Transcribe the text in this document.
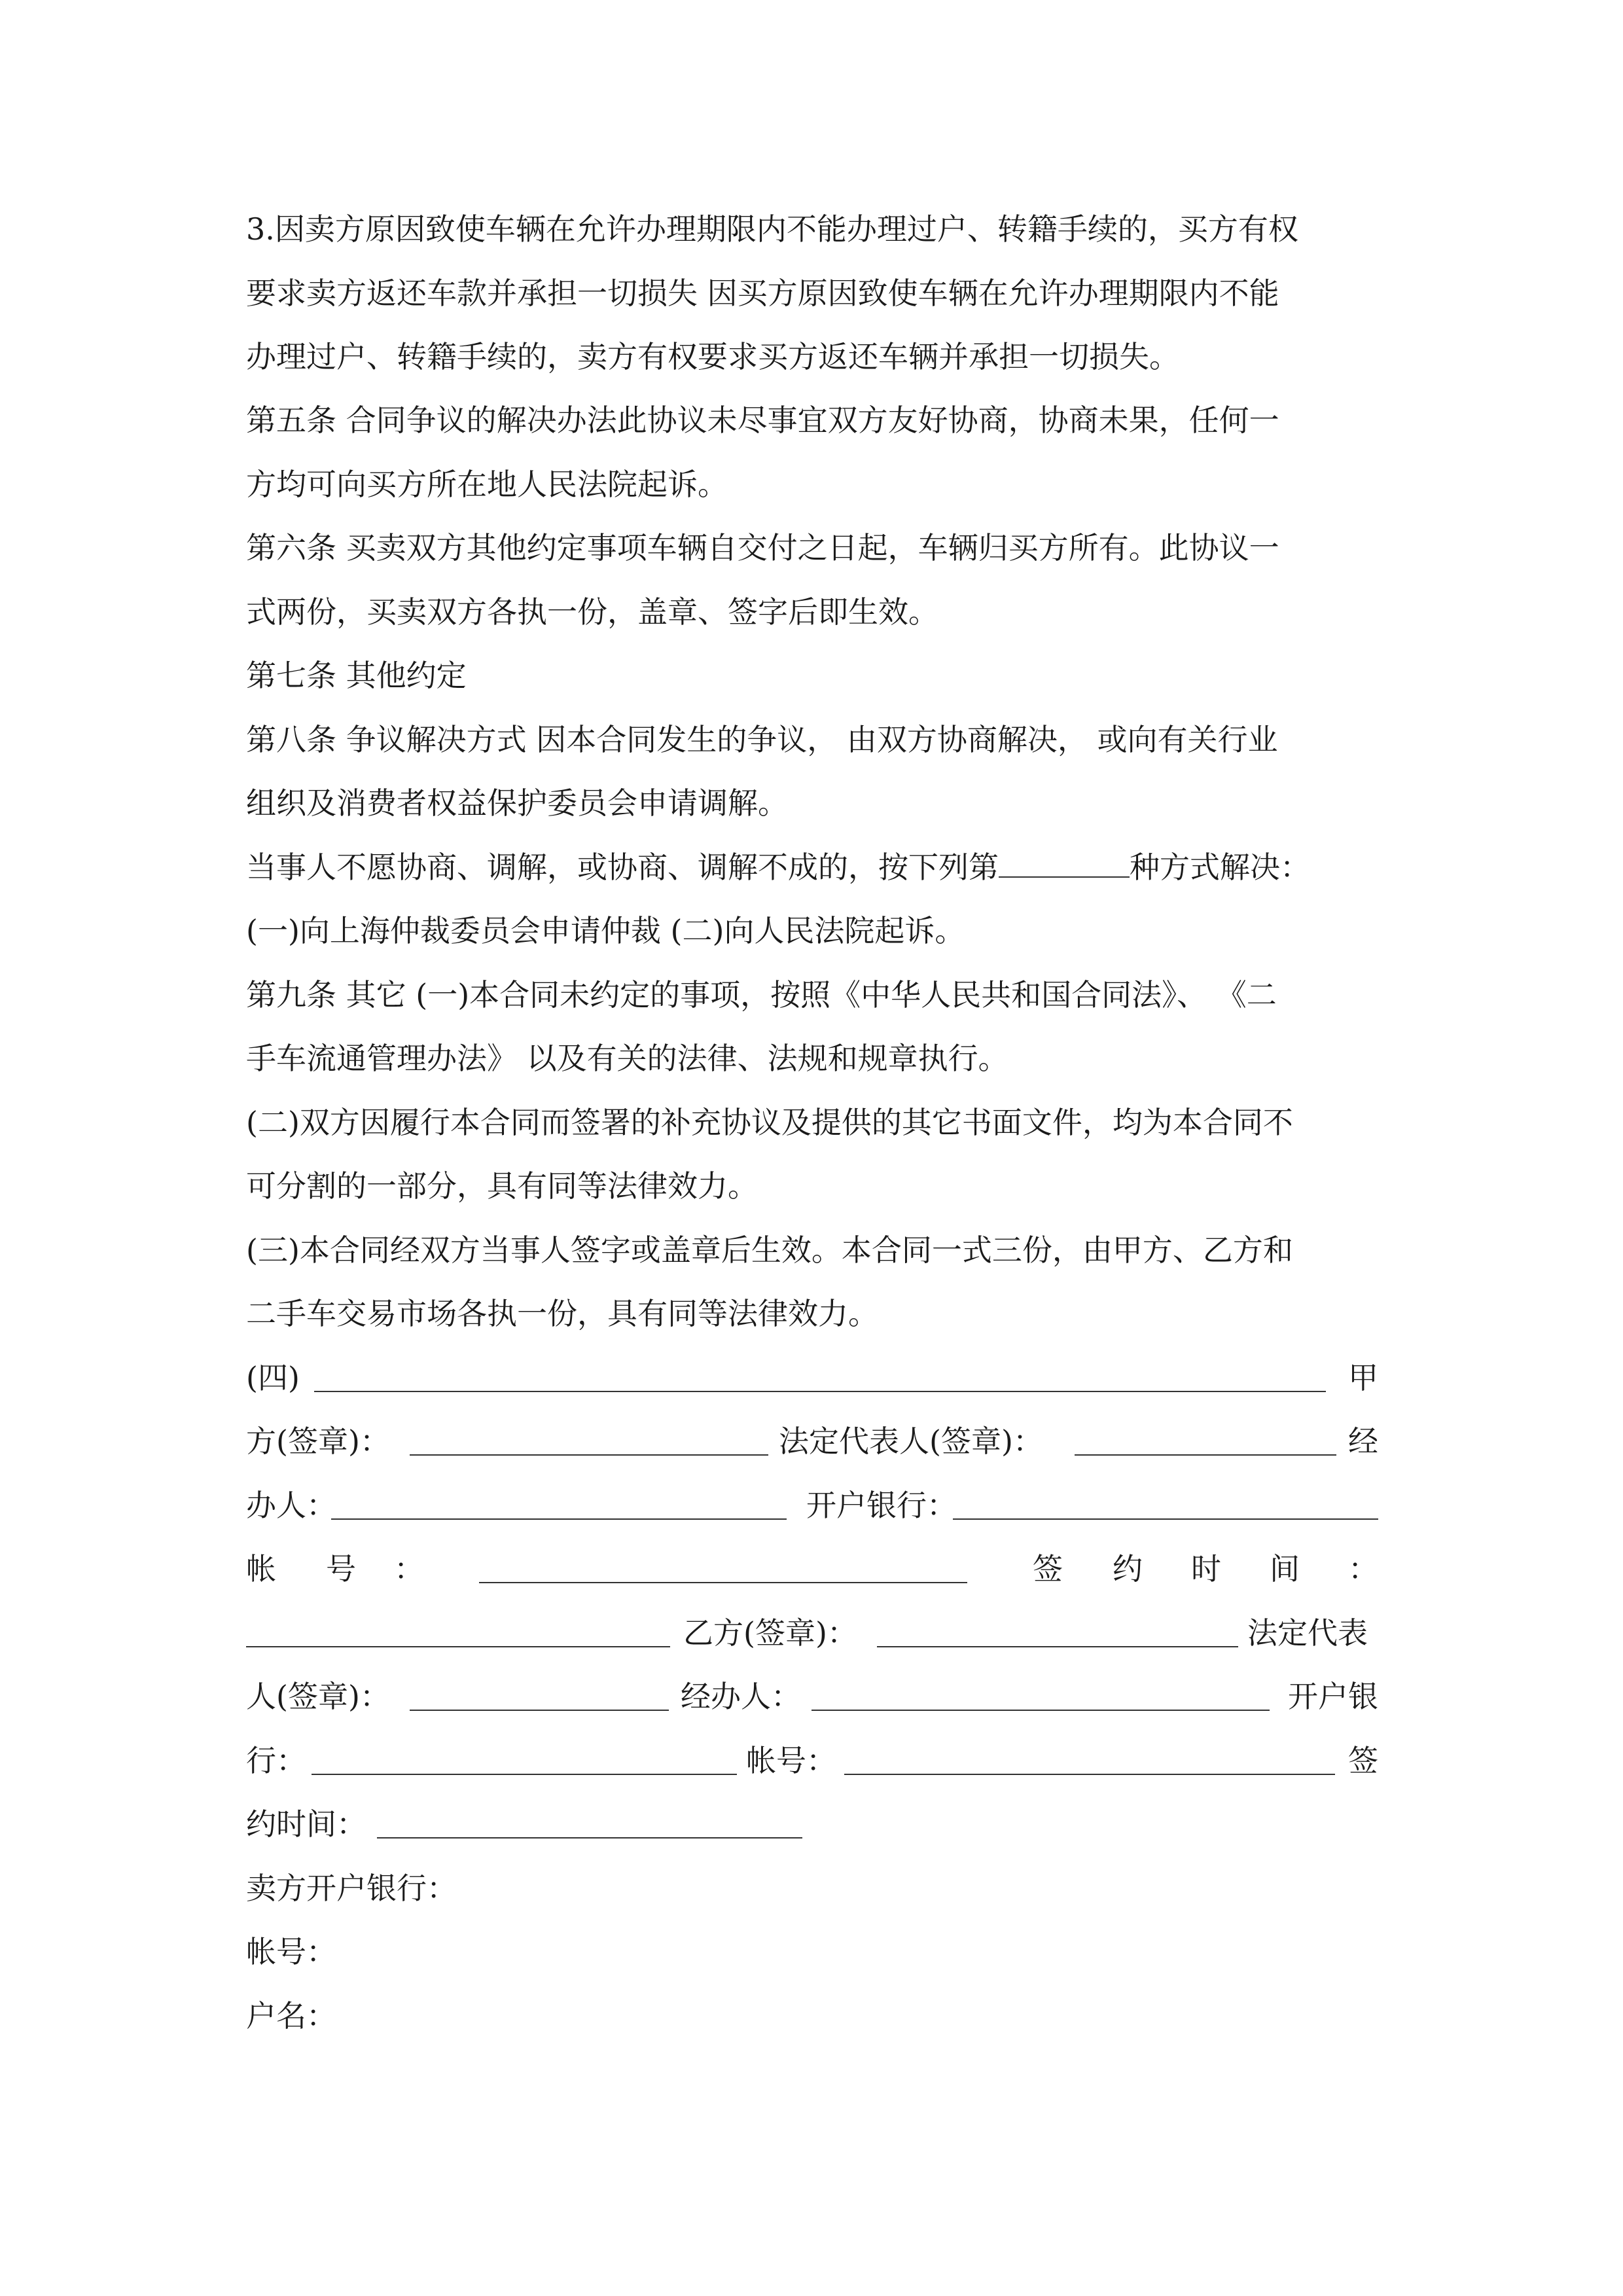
3.因卖方原因致使车辆在允许办理期限内不能办理过户、转籍手续的，买方有权
要求卖方返还车款并承担一切损失 因买方原因致使车辆在允许办理期限内不能
办理过户、转籍手续的，卖方有权要求买方返还车辆并承担一切损失。
第五条 合同争议的解决办法此协议未尽事宜双方友好协商，协商未果，任何一
方均可向买方所在地人民法院起诉。
第六条 买卖双方其他约定事项车辆自交付之日起，车辆归买方所有。此协议一
式两份，买卖双方各执一份，盖章、签字后即生效。
第七条 其他约定
第八条 争议解决方式 因本合同发生的争议， 由双方协商解决， 或向有关行业
组织及消费者权益保护委员会申请调解。
当事人不愿协商、调解，或协商、调解不成的，按下列第	种方式解决：
(一)向上海仲裁委员会申请仲裁 (二)向人民法院起诉。
第九条 其它 (一)本合同未约定的事项，按照《中华人民共和国合同法》、 《二
手车流通管理办法》 以及有关的法律、法规和规章执行。
(二)双方因履行本合同而签署的补充协议及提供的其它书面文件，均为本合同不
可分割的一部分，具有同等法律效力。
(三)本合同经双方当事人签字或盖章后生效。本合同一式三份，由甲方、乙方和
二手车交易市场各执一份，具有同等法律效力。
(四)	甲
方(签章)：	法定代表人(签章)：	经
办人：	开户银行：
帐 号 ：	签 约 时 间 ：
乙方(签章)：	法定代表
人(签章)：	经办人：	开户银
行：	帐号：	签
约时间：
卖方开户银行：
帐号：
户名：
